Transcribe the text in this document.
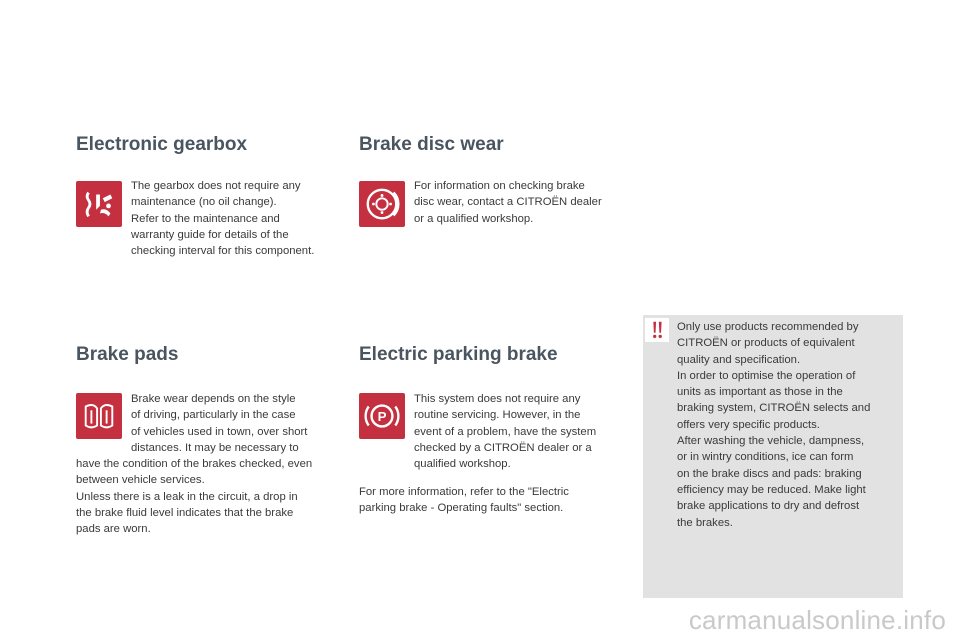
Electronic gearbox

The gearbox does not require any

maintenance (no oil change).

Refer to the maintenance and

warranty guide for details of the

checking interval for this component.

Brake disc wear

For information on checking brake

disc wear, contact a CITROËN dealer

or a qualified workshop.

Brake pads

Brake wear depends on the style

of driving, particularly in the case

of vehicles used in town, over short

distances. It may be necessary to

have the condition of the brakes checked, even

between vehicle services.

Unless there is a leak in the circuit, a drop in

the brake fluid level indicates that the brake

pads are worn.

Electric parking brake
P

This system does not require any

routine servicing. However, in the

event of a problem, have the system

checked by a CITROËN dealer or a

qualified workshop.

For more information, refer to the "Electric

parking brake - Operating faults" section.

Only use products recommended by

CITROËN or products of equivalent

quality and specification.

In order to optimise the operation of

units as important as those in the

braking system, CITROËN selects and

offers very specific products.

After washing the vehicle, dampness,

or in wintry conditions, ice can form

on the brake discs and pads: braking

efficiency may be reduced. Make light

brake applications to dry and defrost

the brakes.

carmanualsonline.info
